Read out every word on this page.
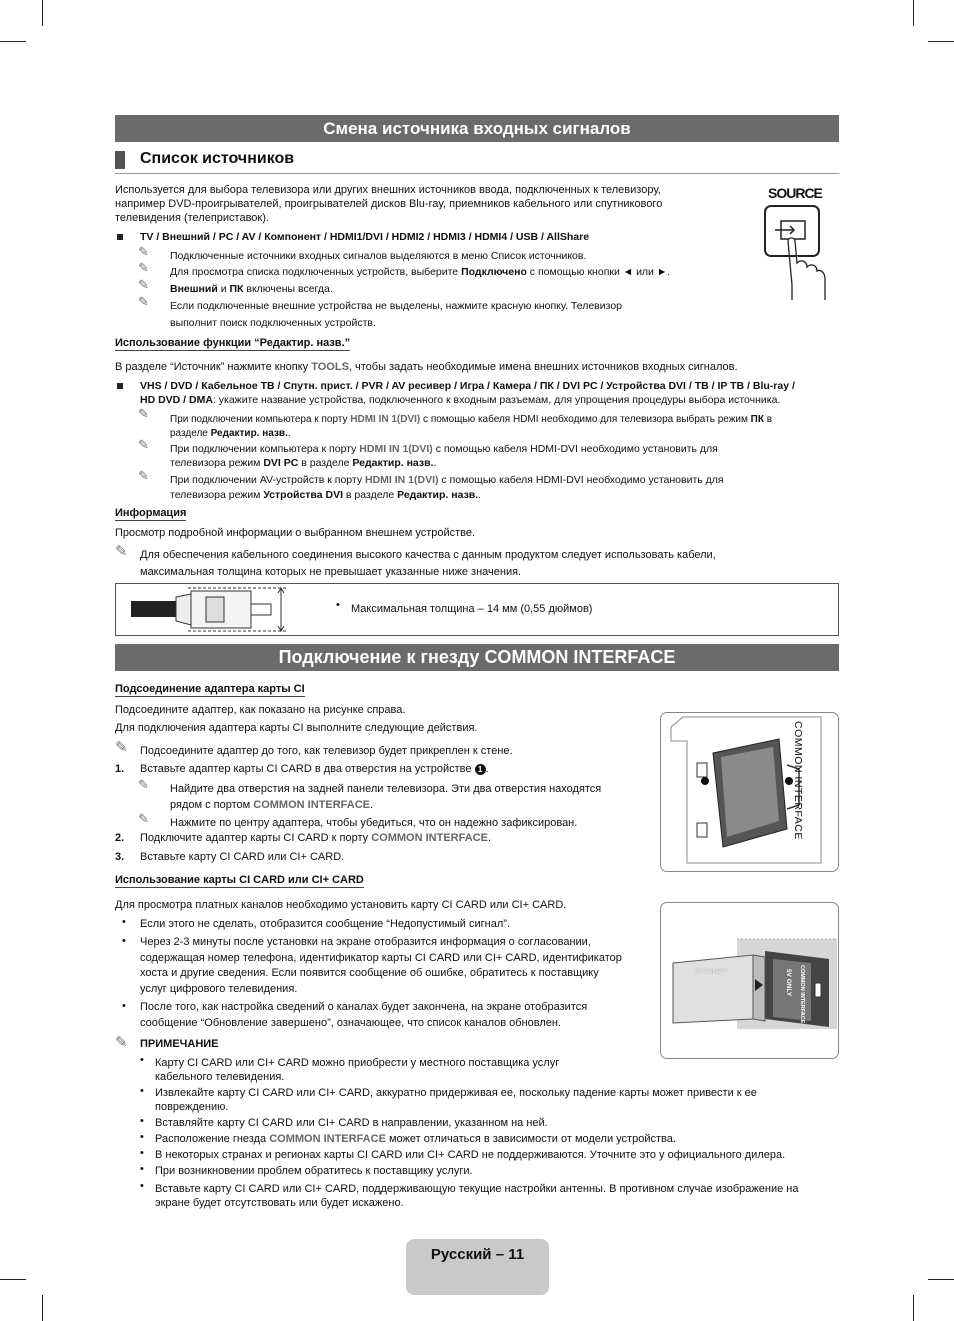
Смена источника входных сигналов
Список источников
Используется для выбора телевизора или других внешних источников ввода, подключенных к телевизору,
например DVD-проигрывателей, проигрывателей дисков Blu-ray, приемников кабельного или спутникового
телевидения (телеприставок).
SOURCE
TV / Внешний / PC / AV / Компонент / HDMI1/DVI / HDMI2 / HDMI3 / HDMI4 / USB / AllShare
✎ Подключенные источники входных сигналов выделяются в меню Список источников.
✎ Для просмотра списка подключенных устройств, выберите Подключено с помощью кнопки ◄ или ►.
✎ Внешний и ПК включены всегда.
✎ Если подключенные внешние устройства не выделены, нажмите красную кнопку. Телевизор
выполнит поиск подключенных устройств.
Использование функции “Редактир. назв.”
В разделе “Источник” нажмите кнопку TOOLS, чтобы задать необходимые имена внешних источников входных сигналов.
VHS / DVD / Кабельное ТВ / Спутн. прист. / PVR / AV ресивер / Игра / Камера / ПК / DVI PC / Устройства DVI / TB / IP TB / Blu-ray /
HD DVD / DMA: укажите название устройства, подключенного к входным разъемам, для упрощения процедуры выбора источника.
✎ При подключении компьютера к порту HDMI IN 1(DVI) с помощью кабеля HDMI необходимо для телевизора выбрать режим ПК в
разделе Редактир. назв..
✎ При подключении компьютера к порту HDMI IN 1(DVI) с помощью кабеля HDMI-DVI необходимо установить для
телевизора режим DVI PC в разделе Редактир. назв..
✎ При подключении AV-устройств к порту HDMI IN 1(DVI) с помощью кабеля HDMI-DVI необходимо установить для
телевизора режим Устройства DVI в разделе Редактир. назв..
Информация
Просмотр подробной информации о выбранном внешнем устройстве.
✎ Для обеспечения кабельного соединения высокого качества с данным продуктом следует использовать кабели,
максимальная толщина которых не превышает указанные ниже значения.
• Максимальная толщина – 14 мм (0,55 дюймов)
Подключение к гнезду COMMON INTERFACE
Подсоединение адаптера карты CI
Подсоедините адаптер, как показано на рисунке справа.
Для подключения адаптера карты CI выполните следующие действия.
✎ Подсоедините адаптер до того, как телевизор будет прикреплен к стене.
1. Вставьте адаптер карты CI CARD в два отверстия на устройстве 1 .
✎ Найдите два отверстия на задней панели телевизора. Эти два отверстия находятся
рядом с портом COMMON INTERFACE.
✎ Нажмите по центру адаптера, чтобы убедиться, что он надежно зафиксирован.
2. Подключите адаптер карты CI CARD к порту COMMON INTERFACE.
3. Вставьте карту CI CARD или CI+ CARD.
COMMON INTERFACE
Использование карты CI CARD или CI+ CARD
Для просмотра платных каналов необходимо установить карту CI CARD или CI+ CARD.
• Если этого не сделать, отобразится сообщение “Недопустимый сигнал”.
• Через 2-3 минуты после установки на экране отобразится информация о согласовании,
содержащая номер телефона, идентификатор карты CI CARD или CI+ CARD, идентификатор
хоста и другие сведения. Если появится сообщение об ошибке, обратитесь к поставщику
услуг цифрового телевидения.
• После того, как настройка сведений о каналах будет закончена, на экране отобразится
сообщение “Обновление завершено”, означающее, что список каналов обновлен.
CI CARD™	5V ONLY COMMON INTERFACE
✎ ПРИМЕЧАНИЕ
• Карту CI CARD или CI+ CARD можно приобрести у местного поставщика услуг
кабельного телевидения.
• Извлекайте карту CI CARD или CI+ CARD, аккуратно придерживая ее, поскольку падение карты может привести к ее
повреждению.
• Вставляйте карту CI CARD или CI+ CARD в направлении, указанном на ней.
• Расположение гнезда COMMON INTERFACE может отличаться в зависимости от модели устройства.
• В некоторых странах и регионах карты CI CARD или CI+ CARD не поддерживаются. Уточните это у официального дилера.
• При возникновении проблем обратитесь к поставщику услуги.
• Вставьте карту CI CARD или CI+ CARD, поддерживающую текущие настройки антенны. В противном случае изображение на
экране будет отсутствовать или будет искажено.
Русский – 11
